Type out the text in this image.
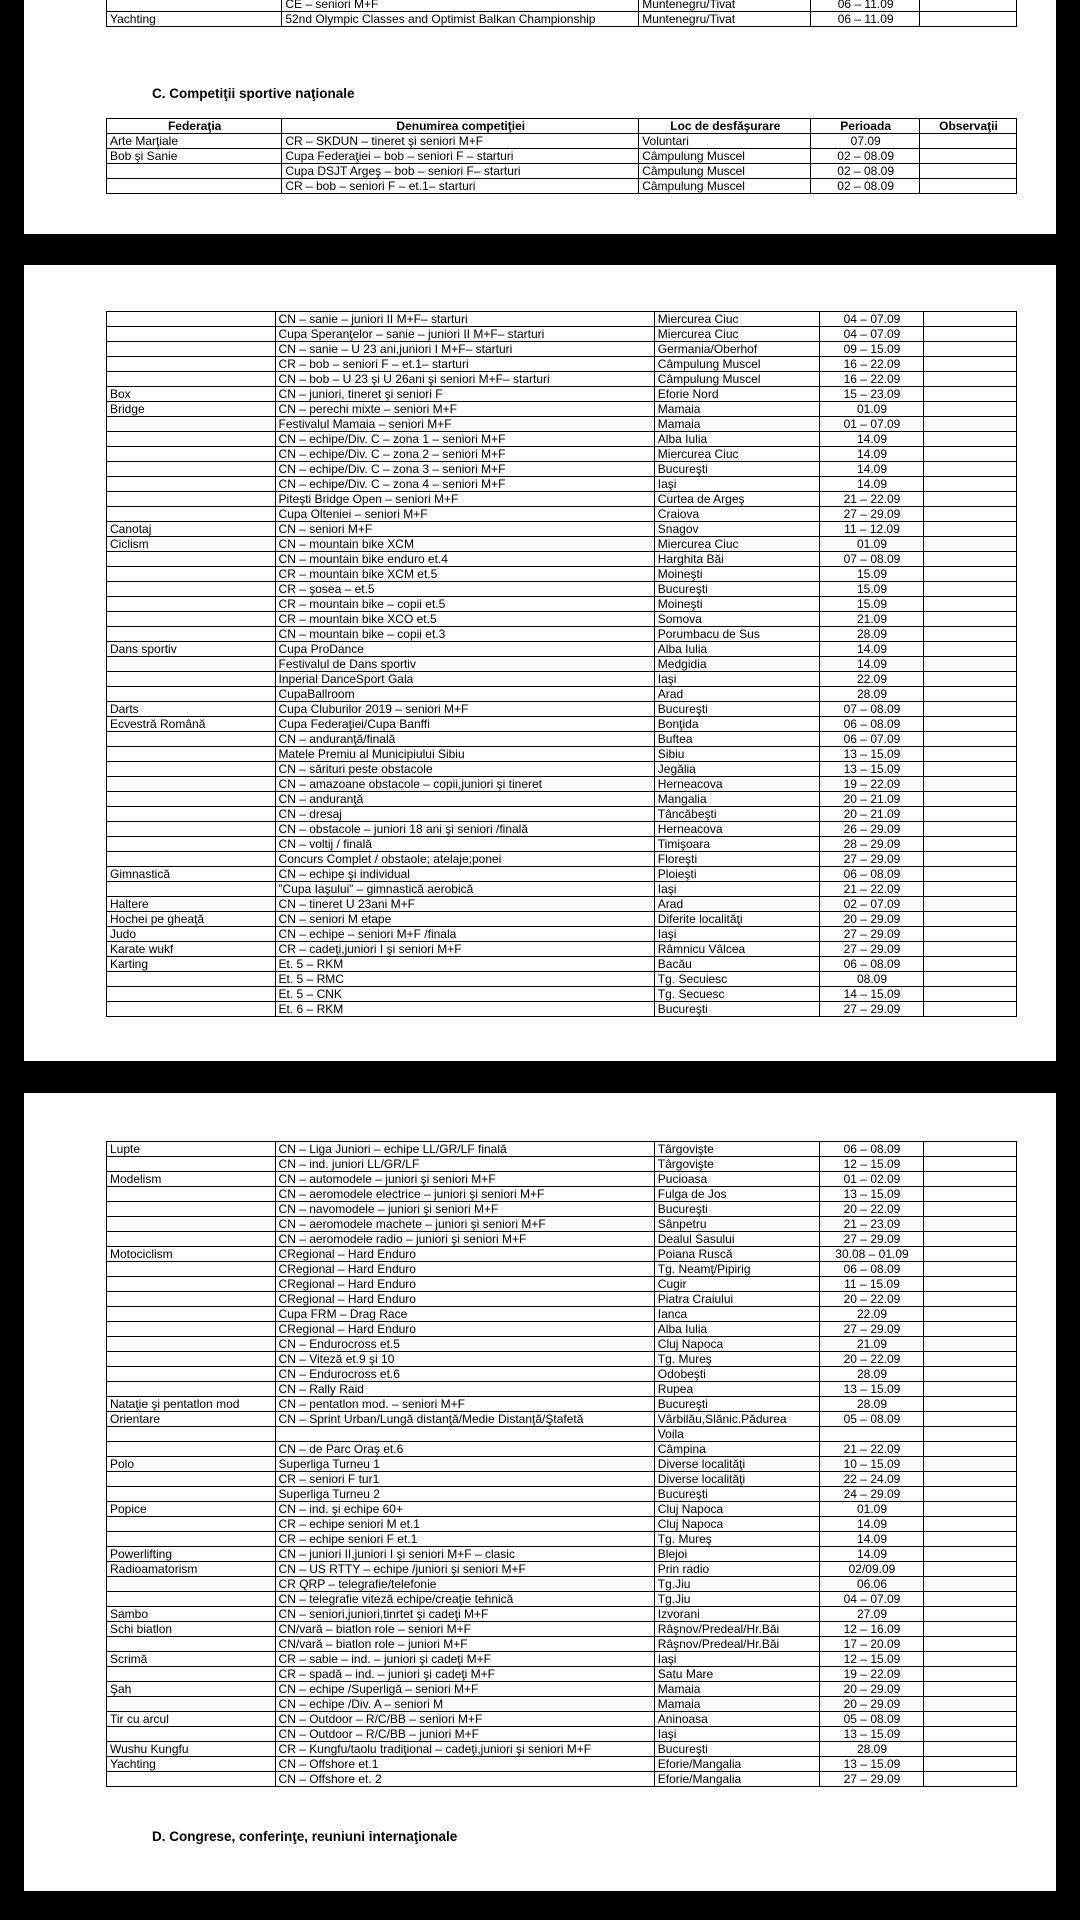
	CE – seniori M+F	Muntenegru/Tivat	06 – 11.09	
Yachting	52nd Olympic Classes and Optimist Balkan Championship	Muntenegru/Tivat	06 – 11.09	
C. Competiţii sportive naţionale
Federaţia	Denumirea competiţiei	Loc de desfăşurare	Perioada	Observaţii
Arte Marţiale	CR – SKDUN – tineret şi seniori M+F	Voluntari	07.09	
Bob şi Sanie	Cupa Federaţiei – bob – seniori F – starturi	Câmpulung Muscel	02 – 08.09	
	Cupa DSJT Argeş – bob – seniori F– starturi	Câmpulung Muscel	02 – 08.09	
	CR – bob – seniori F – et.1– starturi	Câmpulung Muscel	02 – 08.09	
	CN – sanie – juniori II M+F– starturi	Miercurea Ciuc	04 – 07.09	
	Cupa Speranţelor – sanie – juniori II M+F– starturi	Miercurea Ciuc	04 – 07.09	
	CN – sanie – U 23 ani,juniori I M+F– starturi	Germania/Oberhof	09 – 15.09	
	CR – bob – seniori F – et.1– starturi	Câmpulung Muscel	16 – 22.09	
	CN – bob – U 23 şi U 26ani şi seniori M+F– starturi	Câmpulung Muscel	16 – 22.09	
Box	CN – juniori, tineret şi seniori F	Eforie Nord	15 – 23.09	
Bridge	CN – perechi mixte – seniori M+F	Mamaia	01.09	
	Festivalul Mamaia – seniori M+F	Mamaia	01 – 07.09	
	CN – echipe/Div. C – zona 1 – seniori M+F	Alba Iulia	14.09	
	CN – echipe/Div. C – zona 2 – seniori M+F	Miercurea Ciuc	14.09	
	CN – echipe/Div. C – zona 3 – seniori M+F	Bucureşti	14.09	
	CN – echipe/Div. C – zona 4 – seniori M+F	Iaşi	14.09	
	Piteşti Bridge Open – seniori M+F	Curtea de Argeş	21 – 22.09	
	Cupa Olteniei – seniori M+F	Craiova	27 – 29.09	
Canotaj	CN – seniori M+F	Snagov	11 – 12.09	
Ciclism	CN – mountain bike XCM	Miercurea Ciuc	01.09	
	CN – mountain bike enduro et.4	Harghita Băi	07 – 08.09	
	CR – mountain bike XCM et.5	Moineşti	15.09	
	CR – şosea – et.5	Bucureşti	15.09	
	CR – mountain bike – copii et.5	Moineşti	15.09	
	CR – mountain bike XCO et.5	Somova	21.09	
	CN – mountain bike – copii et.3	Porumbacu de Sus	28.09	
Dans sportiv	Cupa ProDance	Alba Iulia	14.09	
	Festivalul de Dans sportiv	Medgidia	14.09	
	Inperial DanceSport Gala	Iaşi	22.09	
	CupaBallroom	Arad	28.09	
Darts	Cupa Cluburilor 2019 – seniori M+F	Bucureşti	07 – 08.09	
Ecvestră Română	Cupa Federaţiei/Cupa Banffi	Bonţida	06 – 08.09	
	CN – anduranţă/finală	Buftea	06 – 07.09	
	Matele Premiu al Municipiului Sibiu	Sibiu	13 – 15.09	
	CN – sărituri peste obstacole	Jegălia	13 – 15.09	
	CN – amazoane obstacole – copii,juniori şi tineret	Herneacova	19 – 22.09	
	CN – anduranţă	Mangalia	20 – 21.09	
	CN – dresaj	Tâncăbeşti	20 – 21.09	
	CN – obstacole – juniori 18 ani şi seniori /finală	Herneacova	26 – 29.09	
	CN – voltij / finală	Timişoara	28 – 29.09	
	Concurs Complet / obstaole; atelaje;ponei	Floreşti	27 – 29.09	
Gimnastică	CN – echipe şi individual	Ploieşti	06 – 08.09	
	”Cupa Iaşului” – gimnastică aerobică	Iaşi	21 – 22.09	
Haltere	CN – tineret U 23ani M+F	Arad	02 – 07.09	
Hochei pe gheaţă	CN – seniori M etape	Diferite localităţi	20 – 29.09	
Judo	CN – echipe – seniori M+F /finala	Iaşi	27 – 29.09	
Karate wukf	CR – cadeţi,juniori I şi seniori M+F	Râmnicu Vâlcea	27 – 29.09	
Karting	Et. 5 – RKM	Bacău	06 – 08.09	
	Et. 5 – RMC	Tg. Secuiesc	08.09	
	Et. 5 – CNK	Tg. Secuesc	14 – 15.09	
	Et. 6 – RKM	Bucureşti	27 – 29.09	
Lupte	CN – Liga Juniori – echipe LL/GR/LF finală	Târgovişte	06 – 08.09	
	CN – ind. juniori LL/GR/LF	Târgovişte	12 – 15.09	
Modelism	CN – automodele – juniori şi seniori M+F	Pucioasa	01 – 02.09	
	CN – aeromodele electrice – juniori şi seniori M+F	Fulga de Jos	13 – 15.09	
	CN – navomodele – juniori şi seniori M+F	Bucureşti	20 – 22.09	
	CN – aeromodele machete – juniori şi seniori M+F	Sânpetru	21 – 23.09	
	CN – aeromodele radio – juniori şi seniori M+F	Dealul Sasului	27 – 29.09	
Motociclism	CRegional – Hard Enduro	Poiana Ruscă	30.08 – 01.09	
	CRegional – Hard Enduro	Tg. Neamţ/Pipirig	06 – 08.09	
	CRegional – Hard Enduro	Cugir	11 – 15.09	
	CRegional – Hard Enduro	Piatra Craiului	20 – 22.09	
	Cupa FRM – Drag Race	Ianca	22.09	
	CRegional – Hard Enduro	Alba Iulia	27 – 29.09	
	CN – Endurocross et.5	Cluj Napoca	21.09	
	CN – Viteză et.9 şi 10	Tg. Mureş	20 – 22.09	
	CN – Endurocross et.6	Odobeşti	28.09	
	CN – Rally Raid	Rupea	13 – 15.09	
Nataţie şi pentatlon mod	CN – pentatlon mod. – seniori M+F	Bucureşti	28.09	
Orientare	CN – Sprint Urban/Lungă distanţă/Medie Distanţă/Ştafetă	Vârbilău,Slănic.Pădurea	05 – 08.09	
		Voila		
	CN – de Parc Oraş et.6	Câmpina	21 – 22.09	
Polo	Superliga Turneu 1	Diverse localităţi	10 – 15.09	
	CR – seniori F tur1	Diverse localităţi	22 – 24.09	
	Superliga Turneu 2	Bucureşti	24 – 29.09	
Popice	CN – ind. şi echipe 60+	Cluj Napoca	01.09	
	CR – echipe seniori M et.1	Cluj Napoca	14.09	
	CR – echipe seniori F et.1	Tg. Mureş	14.09	
Powerlifting	CN – juniori II,juniori I şi seniori M+F – clasic	Blejoi	14.09	
Radioamatorism	CN – US RTTY – echipe /juniori şi seniori M+F	Prin radio	02/09.09	
	CR QRP – telegrafie/telefonie	Tg.Jiu	06.06	
	CN – telegrafie viteză echipe/creaţie tehnică	Tg.Jiu	04 – 07.09	
Sambo	CN – seniori,juniori,tinrtet şi cadeţi M+F	Izvorani	27.09	
Schi biatlon	CN/vară – biatlon role – seniori M+F	Râşnov/Predeal/Hr.Băi	12 – 16.09	
	CN/vară – biatlon role – juniori M+F	Râşnov/Predeal/Hr.Băi	17 – 20.09	
Scrimă	CR – sabie – ind. – juniori şi cadeţi M+F	Iaşi	12 – 15.09	
	CR – spadă – ind. – juniori şi cadeţi M+F	Satu Mare	19 – 22.09	
Şah	CN – echipe /Superligă – seniori M+F	Mamaia	20 – 29.09	
	CN – echipe /Div. A – seniori M	Mamaia	20 – 29.09	
Tir cu arcul	CN – Outdoor – R/C/BB – seniori M+F	Aninoasa	05 – 08.09	
	CN – Outdoor – R/C/BB – juniori M+F	Iaşi	13 – 15.09	
Wushu Kungfu	CR – Kungfu/taolu tradiţional – cadeţi,juniori şi seniori M+F	Bucureşti	28.09	
Yachting	CN – Offshore et.1	Eforie/Mangalia	13 – 15.09	
	CN – Offshore et. 2	Eforie/Mangalia	27 – 29.09	
D. Congrese, conferinţe, reuniuni internaţionale
